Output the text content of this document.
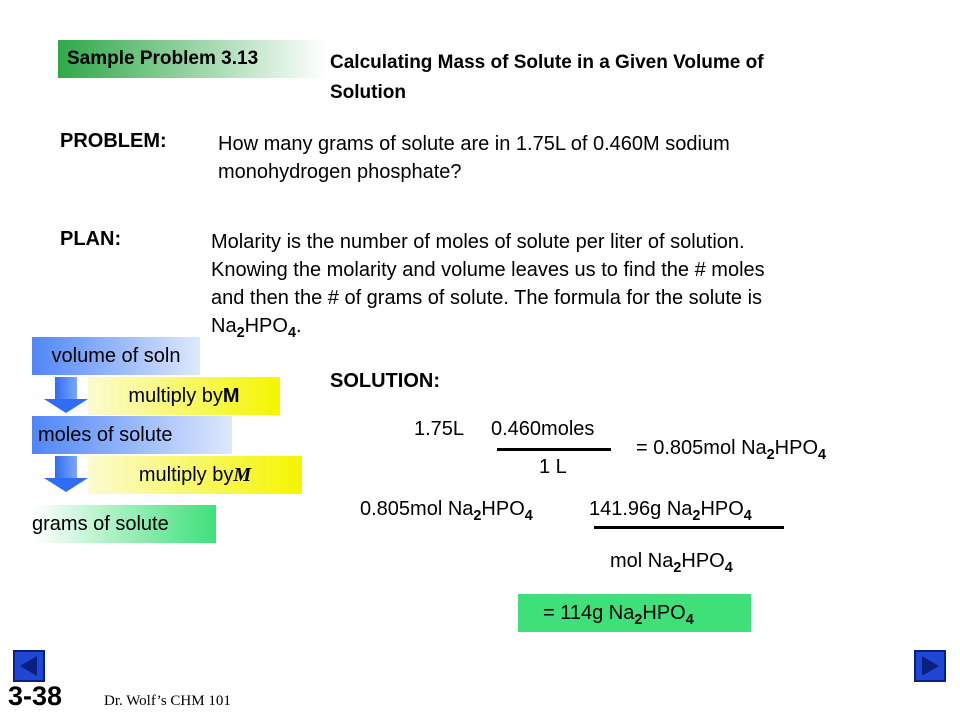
Sample Problem 3.13	Calculating Mass of Solute in a Given Volume of
Solution
PROBLEM:	How many grams of solute are in 1.75L of 0.460M sodium
monohydrogen phosphate?
PLAN:	Molarity is the number of moles of solute per liter of solution.
Knowing the molarity and volume leaves us to find the # moles
and then the # of grams of solute. The formula for the solute is
$Na_2HPO_4$.
volume of soln
multiply by M
moles of solute
multiply by M
grams of solute
SOLUTION:
1.75L 0.460moles
1 L
= 0.805mol $Na_2HPO_4$
0.805mol $Na_2HPO_4$	141.96g $Na_2HPO_4$
mol $Na_2HPO_4$
= 114g $Na_2HPO_4$
3-38	Dr. Wolf’s CHM 101
